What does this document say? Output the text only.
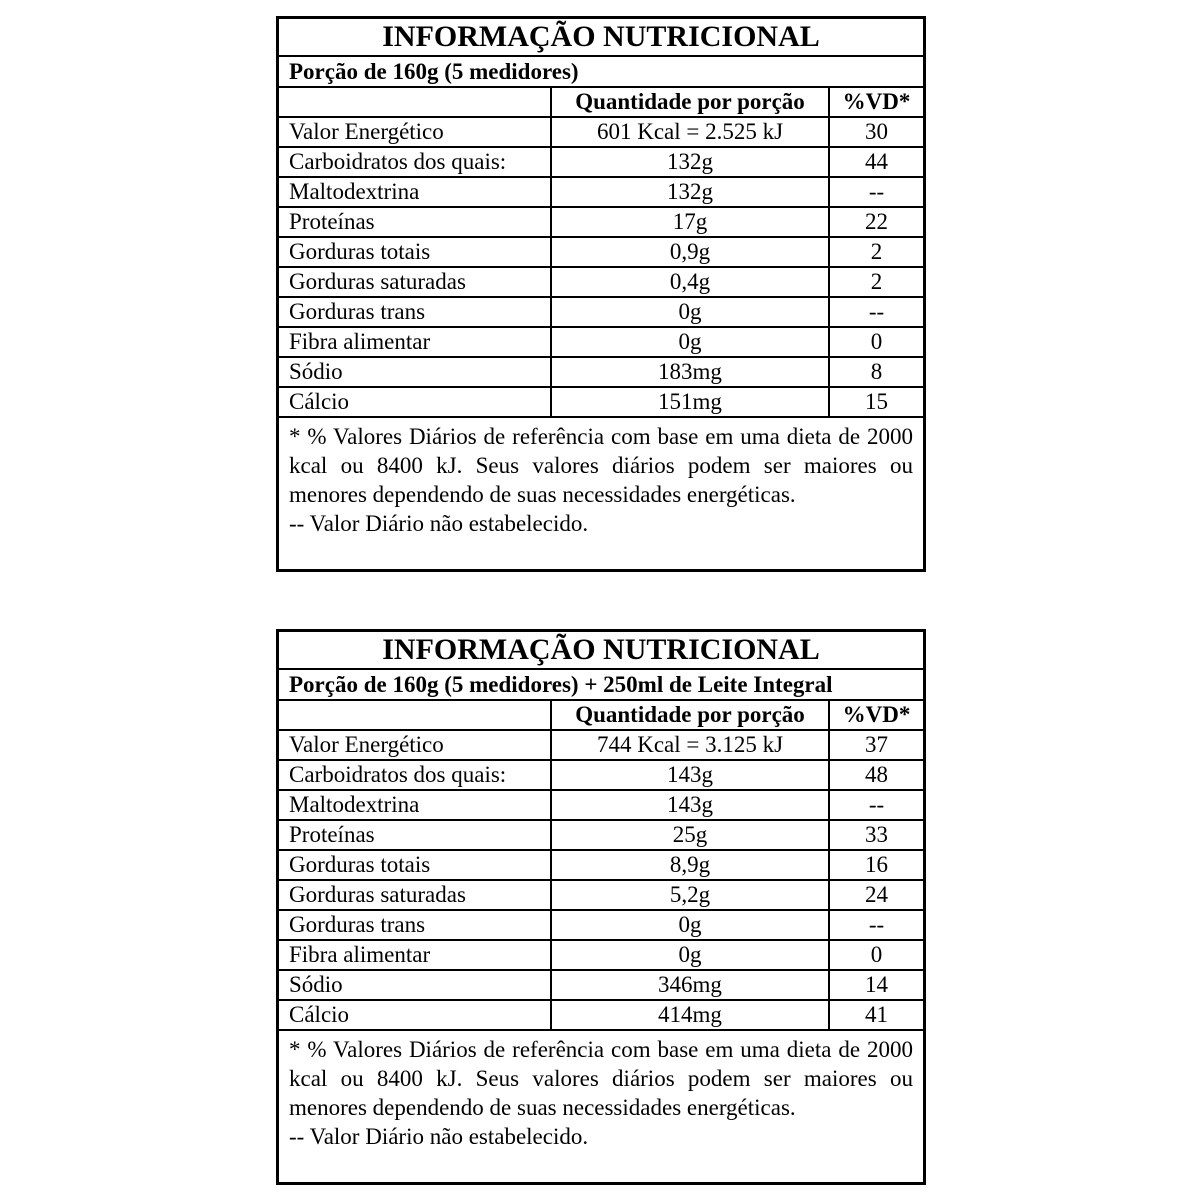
INFORMAÇÃO NUTRICIONAL		
Porção de 160g (5 medidores)		
	Quantidade por porção	%VD*
Valor Energético	601 Kcal = 2.525 kJ	30
Carboidratos dos quais:	132g	44
Maltodextrina	132g	--
Proteínas	17g	22
Gorduras totais	0,9g	2
Gorduras saturadas	0,4g	2
Gorduras trans	0g	--
Fibra alimentar	0g	0
Sódio	183mg	8
Cálcio	151mg	15

* % Valores Diários de referência com base em uma dieta de 2000 kcal ou 8400 kJ. Seus valores diários podem ser maiores ou menores dependendo de suas necessidades energéticas.

-- Valor Diário não estabelecido.

INFORMAÇÃO NUTRICIONAL		
Porção de 160g (5 medidores) + 250ml de Leite Integral		
	Quantidade por porção	%VD*
Valor Energético	744 Kcal = 3.125 kJ	37
Carboidratos dos quais:	143g	48
Maltodextrina	143g	--
Proteínas	25g	33
Gorduras totais	8,9g	16
Gorduras saturadas	5,2g	24
Gorduras trans	0g	--
Fibra alimentar	0g	0
Sódio	346mg	14
Cálcio	414mg	41

* % Valores Diários de referência com base em uma dieta de 2000 kcal ou 8400 kJ. Seus valores diários podem ser maiores ou menores dependendo de suas necessidades energéticas.

-- Valor Diário não estabelecido.
